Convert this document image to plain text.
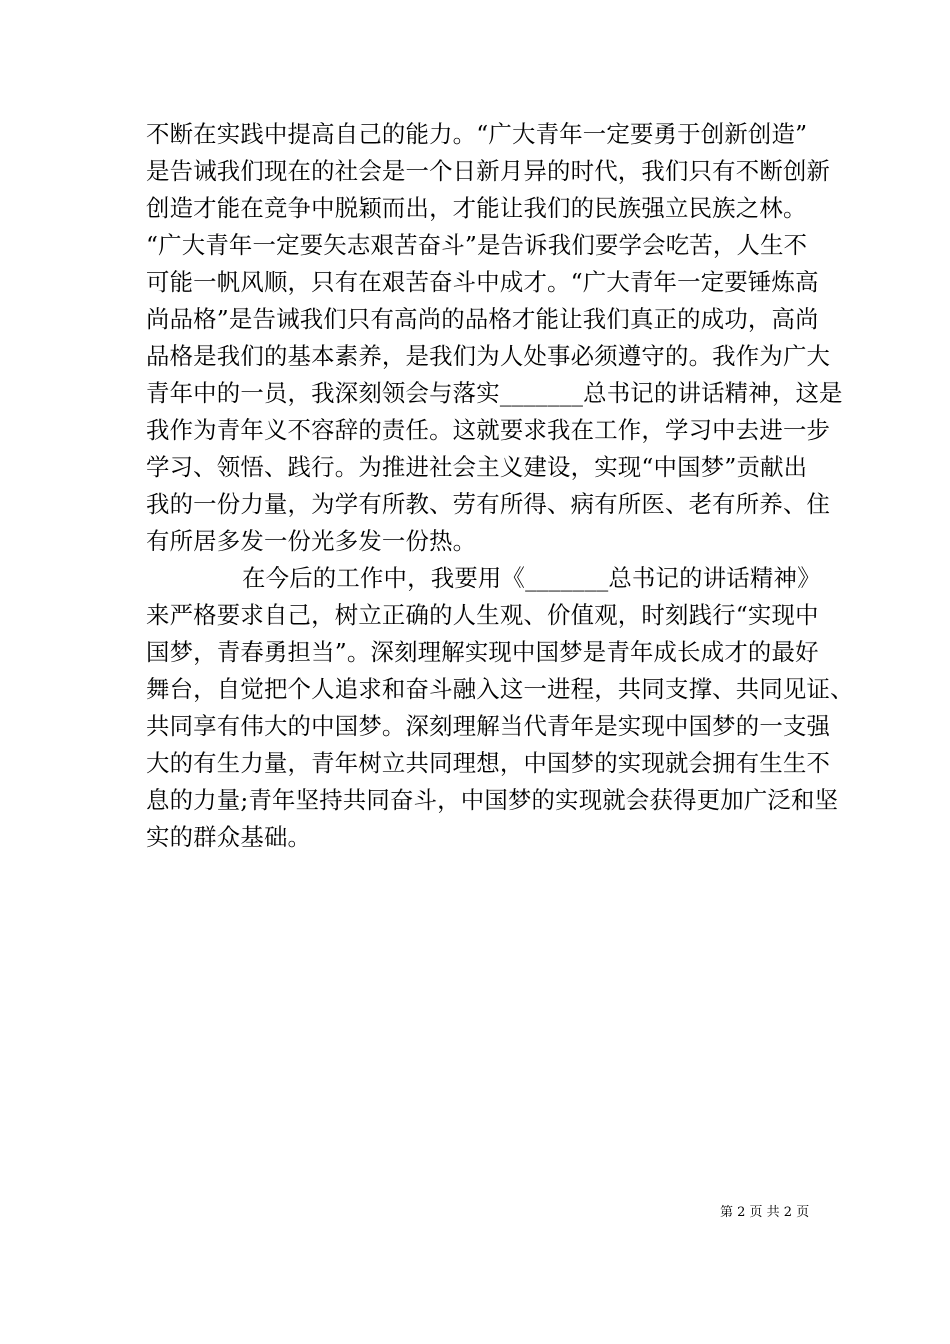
不断在实践中提高自己的能力。“广大青年一定要勇于创新创造”
是告诫我们现在的社会是一个日新月异的时代，我们只有不断创新
创造才能在竞争中脱颖而出，才能让我们的民族强立民族之林。
“广大青年一定要矢志艰苦奋斗”是告诉我们要学会吃苦，人生不
可能一帆风顺，只有在艰苦奋斗中成才。“广大青年一定要锤炼高
尚品格”是告诫我们只有高尚的品格才能让我们真正的成功，高尚
品格是我们的基本素养，是我们为人处事必须遵守的。我作为广大
青年中的一员，我深刻领会与落实_______总书记的讲话精神，这是
我作为青年义不容辞的责任。这就要求我在工作，学习中去进一步
学习、领悟、践行。为推进社会主义建设，实现“中国梦”贡献出
我的一份力量，为学有所教、劳有所得、病有所医、老有所养、住
有所居多发一份光多发一份热。
在今后的工作中，我要用《_______总书记的讲话精神》
来严格要求自己，树立正确的人生观、价值观，时刻践行“实现中
国梦，青春勇担当”。深刻理解实现中国梦是青年成长成才的最好
舞台，自觉把个人追求和奋斗融入这一进程，共同支撑、共同见证、
共同享有伟大的中国梦。深刻理解当代青年是实现中国梦的一支强
大的有生力量，青年树立共同理想，中国梦的实现就会拥有生生不
息的力量;青年坚持共同奋斗，中国梦的实现就会获得更加广泛和坚
实的群众基础。
第 2 页 共 2 页
